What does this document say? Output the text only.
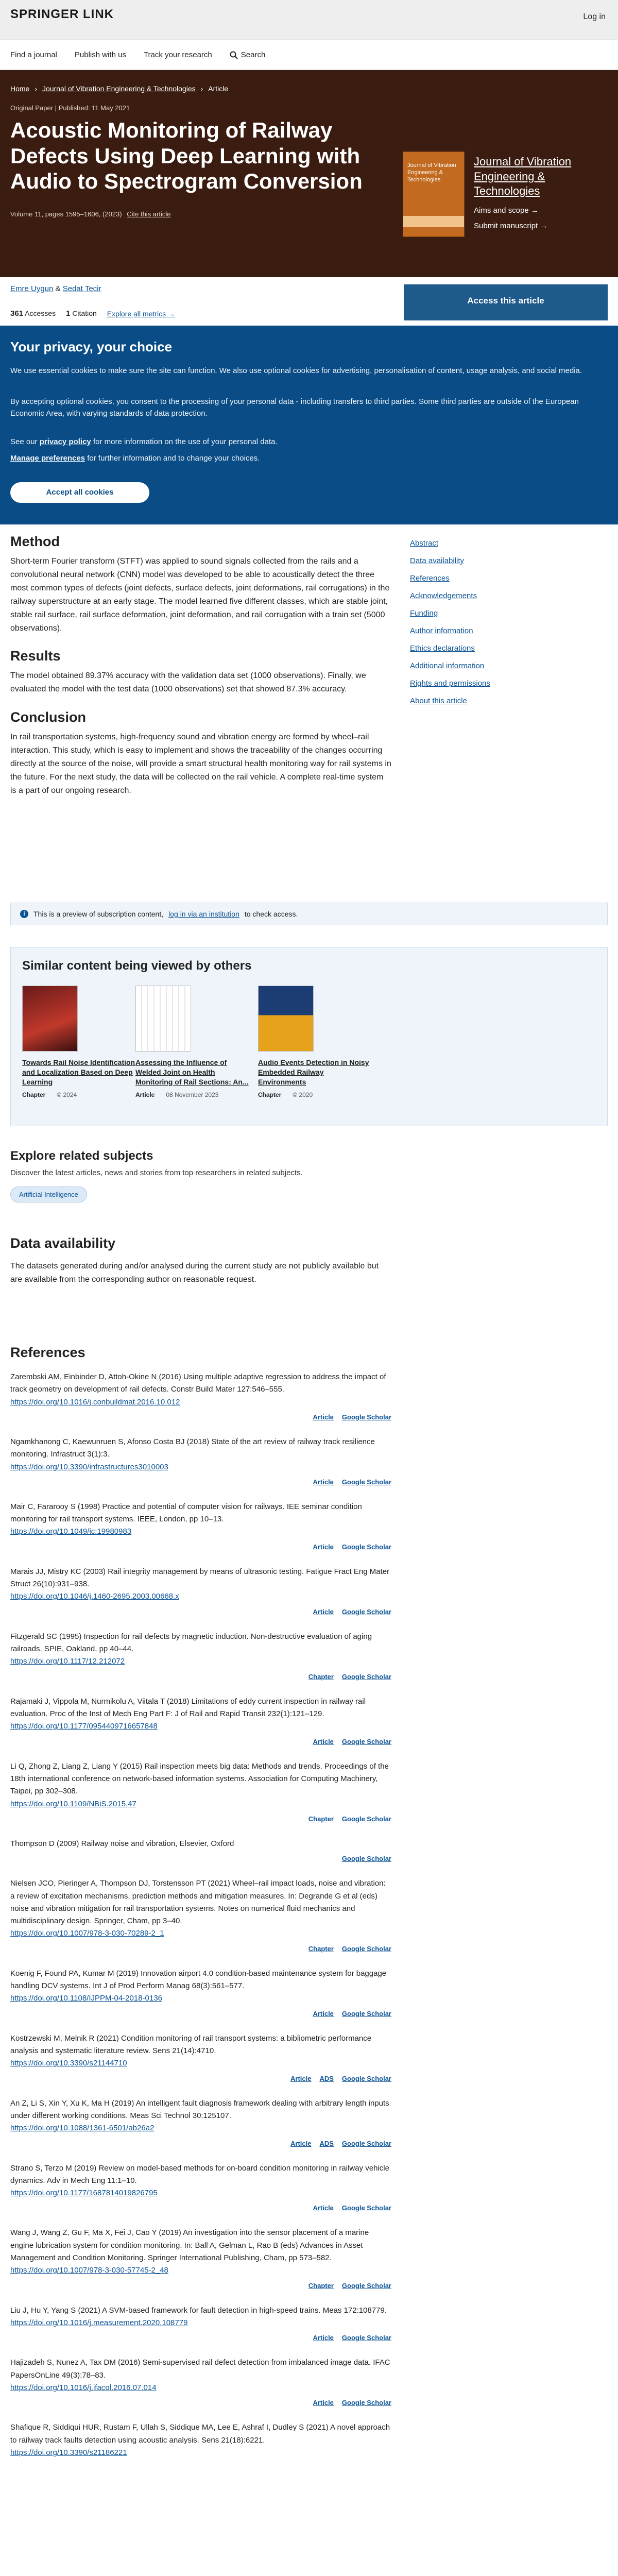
SPRINGER LINK	Log in
Find a journal Publish with us Track your research	Search
Home › Journal of Vibration Engineering & Technologies › Article
Original Paper | Published: 11 May 2021
Acoustic Monitoring of Railway Defects Using Deep Learning with Audio to Spectrogram Conversion
Volume 11, pages 1595–1606, (2023) Cite this article
Journal of Vibration Engineering & Technologies
Journal of Vibration Engineering & Technologies
Aims and scope →
Submit manuscript →
Emre Uygun & Sedat Tecir
361 Accesses 1 Citation Explore all metrics →
Access this article
Your privacy, your choice
We use essential cookies to make sure the site can function. We also use optional cookies for advertising, personalisation of content, usage analysis, and social media.
By accepting optional cookies, you consent to the processing of your personal data - including transfers to third parties. Some third parties are outside of the European Economic Area, with varying standards of data protection.
See our privacy policy for more information on the use of your personal data.
Manage preferences for further information and to change your choices.
Accept all cookies
Method
Short-term Fourier transform (STFT) was applied to sound signals collected from the rails and a convolutional neural network (CNN) model was developed to be able to acoustically detect the three most common types of defects (joint defects, surface defects, joint deformations, rail corrugations) in the railway superstructure at an early stage. The model learned five different classes, which are stable joint, stable rail surface, rail surface deformation, joint deformation, and rail corrugation with a train set (5000 observations).
Results
The model obtained 89.37% accuracy with the validation data set (1000 observations). Finally, we evaluated the model with the test data (1000 observations) set that showed 87.3% accuracy.
Conclusion
In rail transportation systems, high-frequency sound and vibration energy are formed by wheel–rail interaction. This study, which is easy to implement and shows the traceability of the changes occurring directly at the source of the noise, will provide a smart structural health monitoring way for rail systems in the future. For the next study, the data will be collected on the rail vehicle. A complete real-time system is a part of our ongoing research.
Abstract
Data availability
References
Acknowledgements
Funding
Author information
Ethics declarations
Additional information
Rights and permissions
About this article
i	This is a preview of subscription content, log in via an institution to check access.
Similar content being viewed by others
Towards Rail Noise Identification and Localization Based on Deep Learning
Chapter © 2024
Assessing the Influence of Welded Joint on Health Monitoring of Rail Sections: An...
Article 08 November 2023
Audio Events Detection in Noisy Embedded Railway Environments
Chapter © 2020
Explore related subjects

Discover the latest articles, news and stories from top researchers in related subjects.

Artificial Intelligence
Data availability

The datasets generated during and/or analysed during the current study are not publicly available but are available from the corresponding author on reasonable request.

References
Zarembski AM, Einbinder D, Attoh-Okine N (2016) Using multiple adaptive regression to address the impact of track geometry on development of rail defects. Constr Build Mater 127:546–555.
https://doi.org/10.1016/j.conbuildmat.2016.10.012
Article Google Scholar
Ngamkhanong C, Kaewunruen S, Afonso Costa BJ (2018) State of the art review of railway track resilience monitoring. Infrastruct 3(1):3.
https://doi.org/10.3390/infrastructures3010003
Article Google Scholar
Mair C, Fararooy S (1998) Practice and potential of computer vision for railways. IEE seminar condition monitoring for rail transport systems. IEEE, London, pp 10–13.
https://doi.org/10.1049/ic:19980983
Article Google Scholar
Marais JJ, Mistry KC (2003) Rail integrity management by means of ultrasonic testing. Fatigue Fract Eng Mater Struct 26(10):931–938.
https://doi.org/10.1046/j.1460-2695.2003.00668.x
Article Google Scholar
Fitzgerald SC (1995) Inspection for rail defects by magnetic induction. Non-destructive evaluation of aging railroads. SPIE, Oakland, pp 40–44.
https://doi.org/10.1117/12.212072
Chapter Google Scholar
Rajamaki J, Vippola M, Nurmikolu A, Viitala T (2018) Limitations of eddy current inspection in railway rail evaluation. Proc of the Inst of Mech Eng Part F: J of Rail and Rapid Transit 232(1):121–129.
https://doi.org/10.1177/0954409716657848
Article Google Scholar
Li Q, Zhong Z, Liang Z, Liang Y (2015) Rail inspection meets big data: Methods and trends. Proceedings of the 18th international conference on network-based information systems. Association for Computing Machinery, Taipei, pp 302–308.
https://doi.org/10.1109/NBiS.2015.47
Chapter Google Scholar
Thompson D (2009) Railway noise and vibration, Elsevier, Oxford
Google Scholar
Nielsen JCO, Pieringer A, Thompson DJ, Torstensson PT (2021) Wheel–rail impact loads, noise and vibration: a review of excitation mechanisms, prediction methods and mitigation measures. In: Degrande G et al (eds) noise and vibration mitigation for rail transportation systems. Notes on numerical fluid mechanics and multidisciplinary design. Springer, Cham, pp 3–40.
https://doi.org/10.1007/978-3-030-70289-2_1
Chapter Google Scholar
Koenig F, Found PA, Kumar M (2019) Innovation airport 4.0 condition-based maintenance system for baggage handling DCV systems. Int J of Prod Perform Manag 68(3):561–577.
https://doi.org/10.1108/IJPPM-04-2018-0136
Article Google Scholar
Kostrzewski M, Melnik R (2021) Condition monitoring of rail transport systems: a bibliometric performance analysis and systematic literature review. Sens 21(14):4710.
https://doi.org/10.3390/s21144710
Article ADS Google Scholar
An Z, Li S, Xin Y, Xu K, Ma H (2019) An intelligent fault diagnosis framework dealing with arbitrary length inputs under different working conditions. Meas Sci Technol 30:125107.
https://doi.org/10.1088/1361-6501/ab26a2
Article ADS Google Scholar
Strano S, Terzo M (2019) Review on model-based methods for on-board condition monitoring in railway vehicle dynamics. Adv in Mech Eng 11:1–10.
https://doi.org/10.1177/1687814019826795
Article Google Scholar
Wang J, Wang Z, Gu F, Ma X, Fei J, Cao Y (2019) An investigation into the sensor placement of a marine engine lubrication system for condition monitoring. In: Ball A, Gelman L, Rao B (eds) Advances in Asset Management and Condition Monitoring. Springer International Publishing, Cham, pp 573–582.
https://doi.org/10.1007/978-3-030-57745-2_48
Chapter Google Scholar
Liu J, Hu Y, Yang S (2021) A SVM-based framework for fault detection in high-speed trains. Meas 172:108779.
https://doi.org/10.1016/j.measurement.2020.108779
Article Google Scholar
Hajizadeh S, Nunez A, Tax DM (2016) Semi-supervised rail defect detection from imbalanced image data. IFAC PapersOnLine 49(3):78–83.
https://doi.org/10.1016/j.ifacol.2016.07.014
Article Google Scholar
Shafique R, Siddiqui HUR, Rustam F, Ullah S, Siddique MA, Lee E, Ashraf I, Dudley S (2021) A novel approach to railway track faults detection using acoustic analysis. Sens 21(18):6221.
https://doi.org/10.3390/s21186221
